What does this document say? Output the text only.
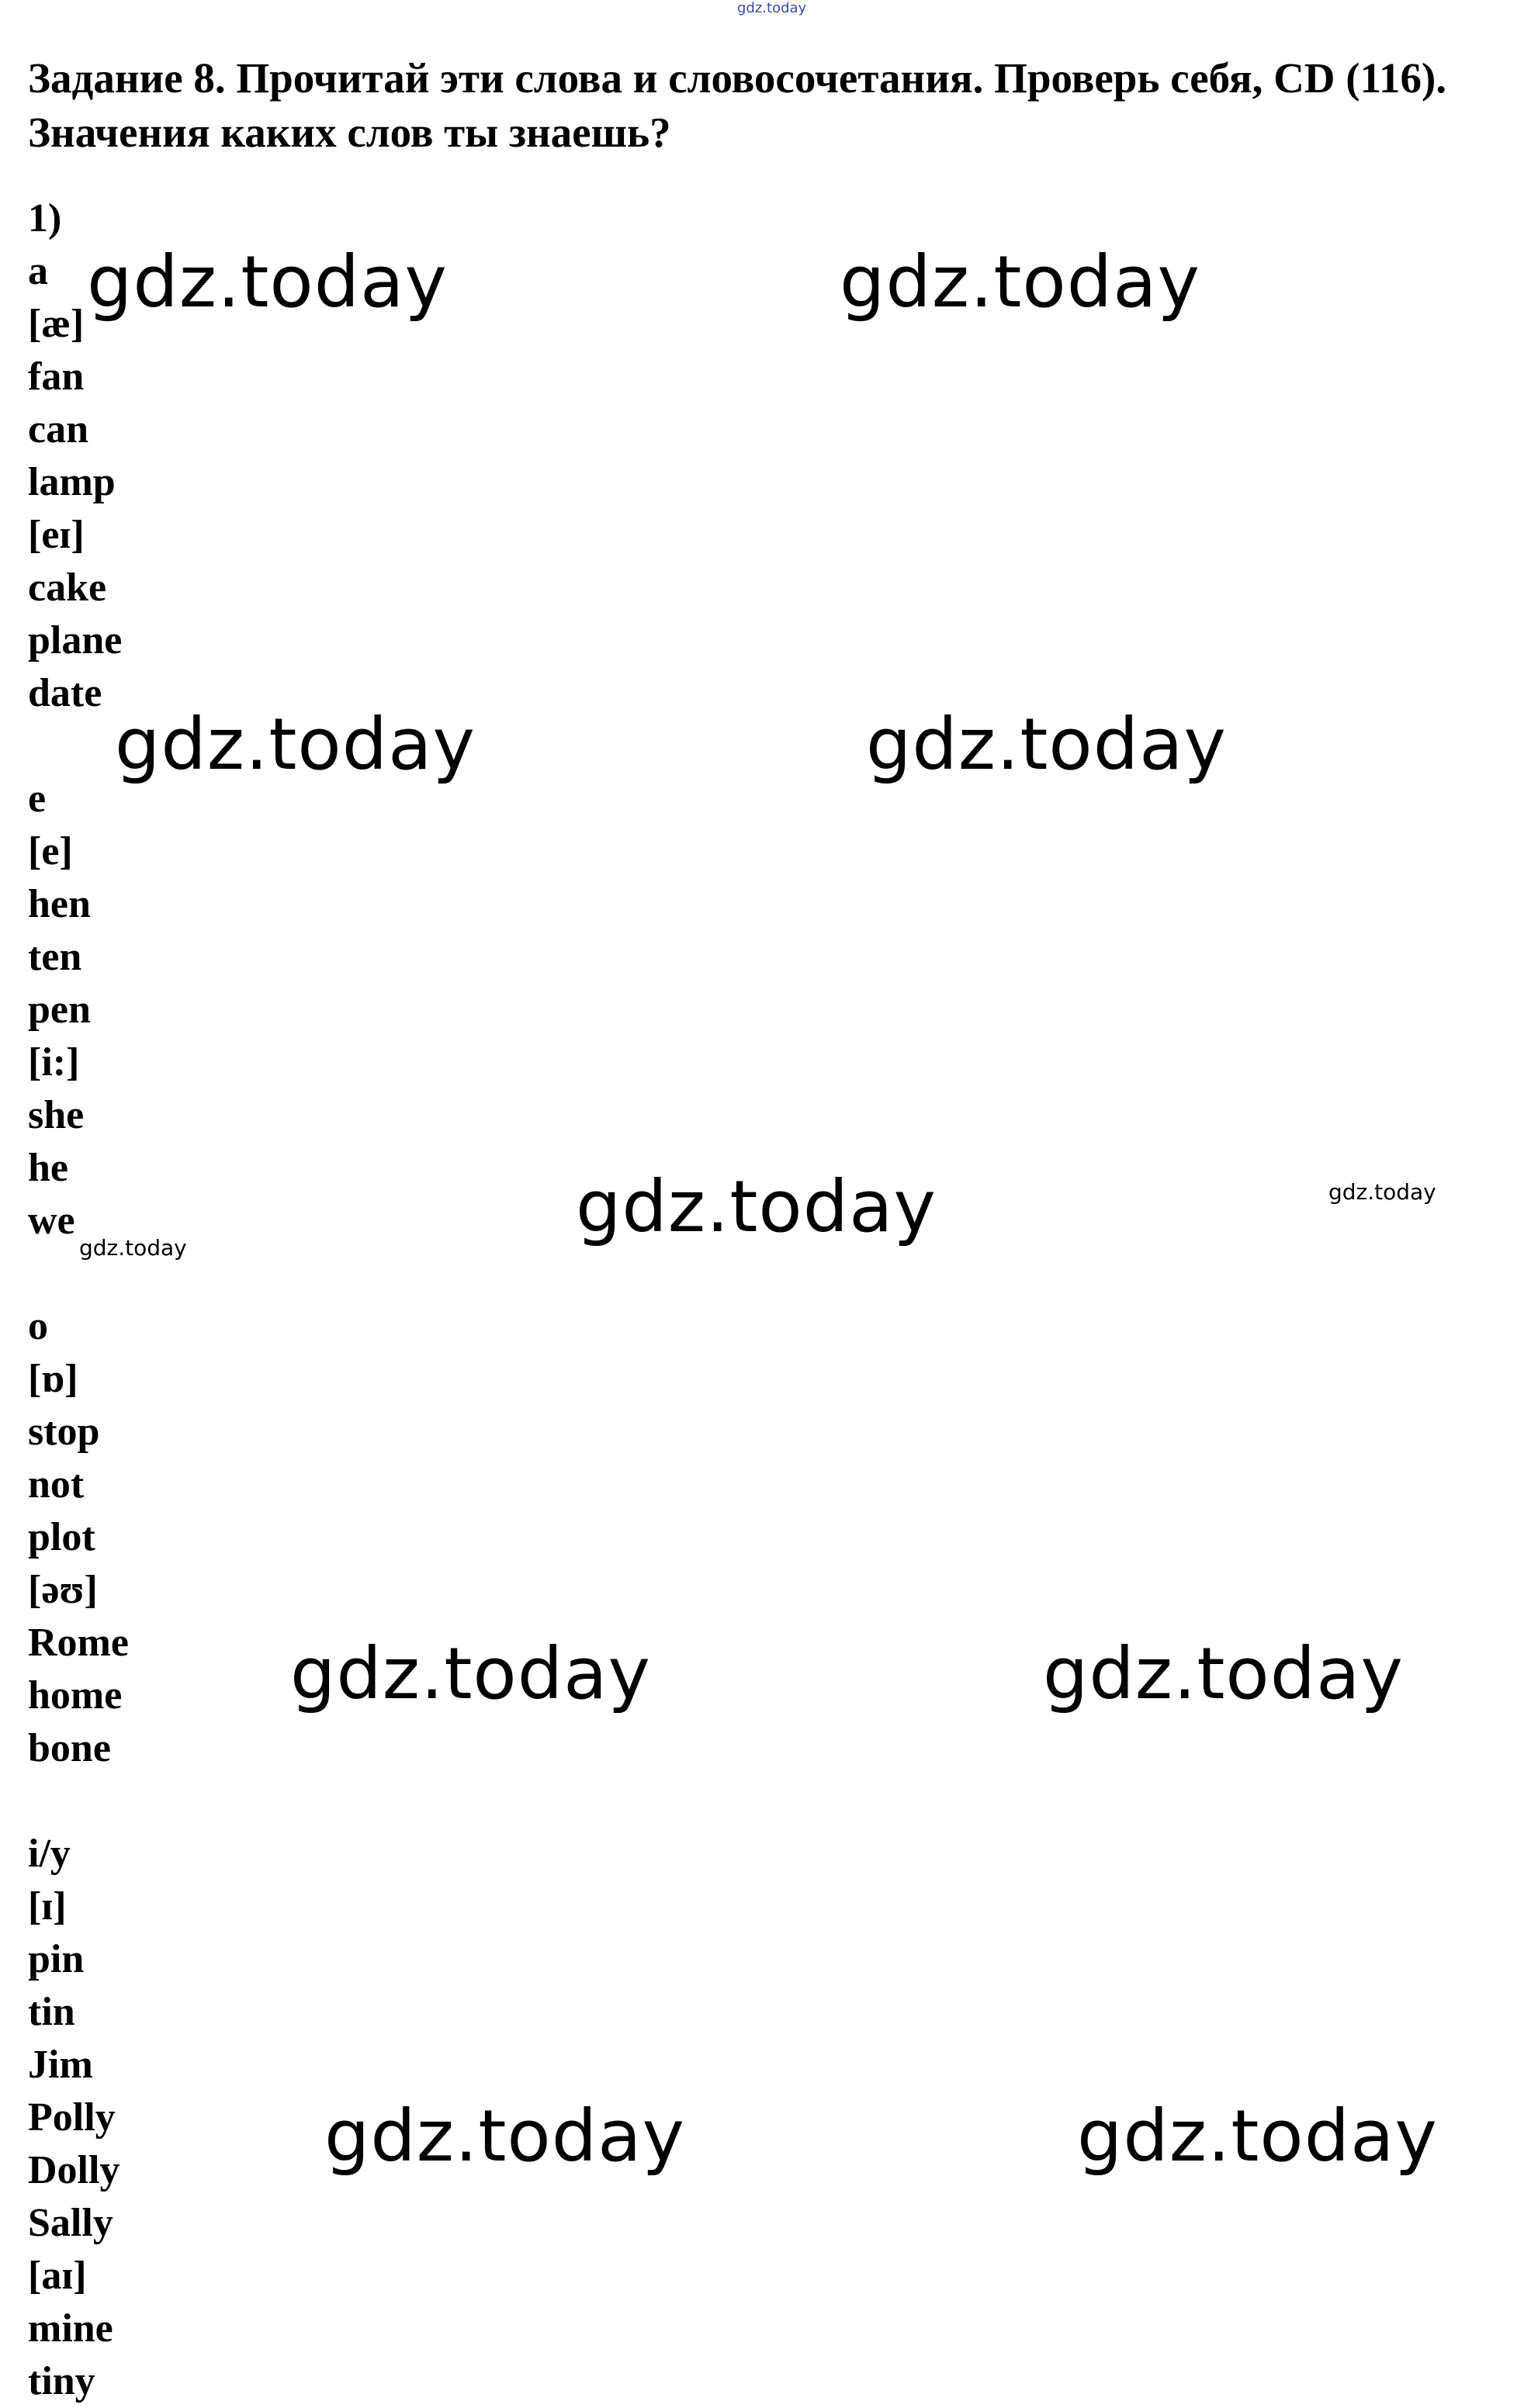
gdz.today
Задание 8. Прочитай эти слова и словосочетания. Проверь себя, CD (116). Значения каких слов ты знаешь?
1)
a
[æ]
fan
can
lamp
[eɪ]
cake
plane
date
e
[e]
hen
ten
pen
[i:]
she
he
we
o
[ɒ]
stop
not
plot
[əʊ]
Rome
home
bone
i/y
[ɪ]
pin
tin
Jim
Polly
Dolly
Sally
[aɪ]
mine
tiny
gdz.today	gdz.today
gdz.today	gdz.today
gdz.today	gdz.today
gdz.today
gdz.today	gdz.today
gdz.today	gdz.today
